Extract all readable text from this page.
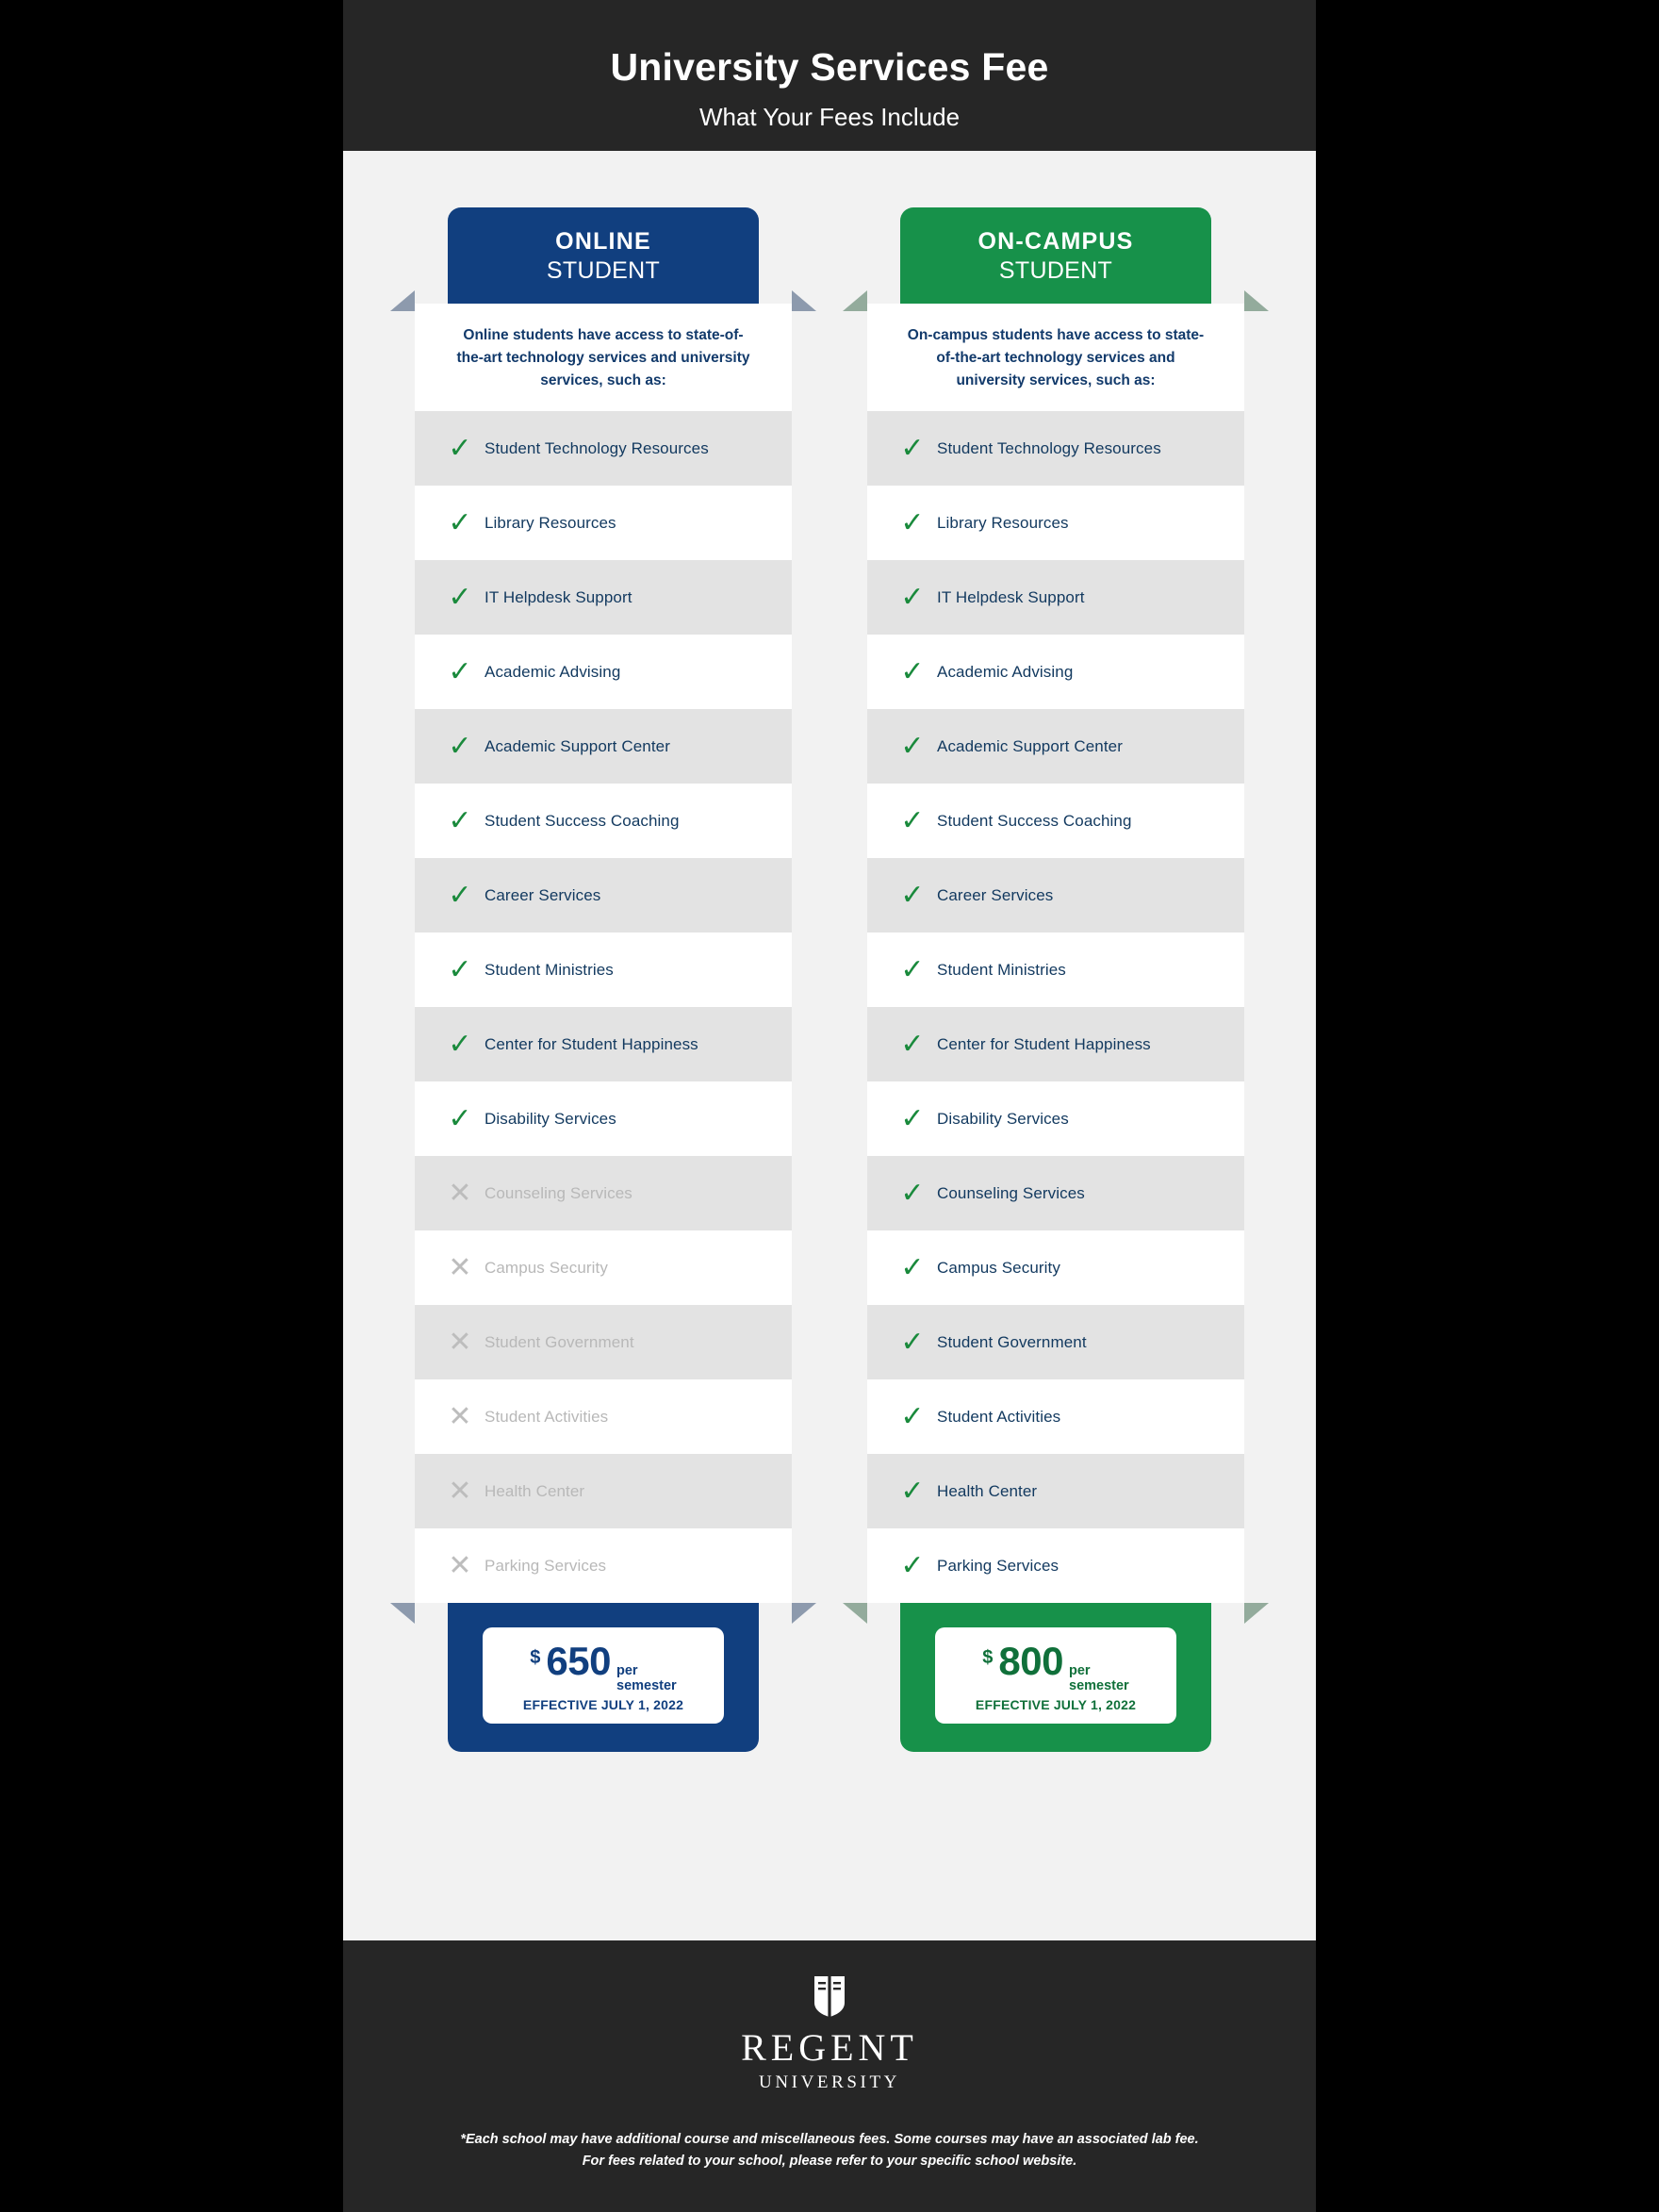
University Services Fee
What Your Fees Include
ONLINE
STUDENT
Online students have access to state-of-the-art technology services and university services, such as:
✓ Student Technology Resources
✓ Library Resources
✓ IT Helpdesk Support
✓ Academic Advising
✓ Academic Support Center
✓ Student Success Coaching
✓ Career Services
✓ Student Ministries
✓ Center for Student Happiness
✓ Disability Services
✕ Counseling Services
✕ Campus Security
✕ Student Government
✕ Student Activities
✕ Health Center
✕ Parking Services
$ 650 per
semester
EFFECTIVE JULY 1, 2022
ON-CAMPUS
STUDENT
On-campus students have access to state-of-the-art technology services and university services, such as:
✓ Student Technology Resources
✓ Library Resources
✓ IT Helpdesk Support
✓ Academic Advising
✓ Academic Support Center
✓ Student Success Coaching
✓ Career Services
✓ Student Ministries
✓ Center for Student Happiness
✓ Disability Services
✓ Counseling Services
✓ Campus Security
✓ Student Government
✓ Student Activities
✓ Health Center
✓ Parking Services
$ 800 per
semester
EFFECTIVE JULY 1, 2022
REGENT
UNIVERSITY
*Each school may have additional course and miscellaneous fees. Some courses may have an associated lab fee.
For fees related to your school, please refer to your specific school website.
